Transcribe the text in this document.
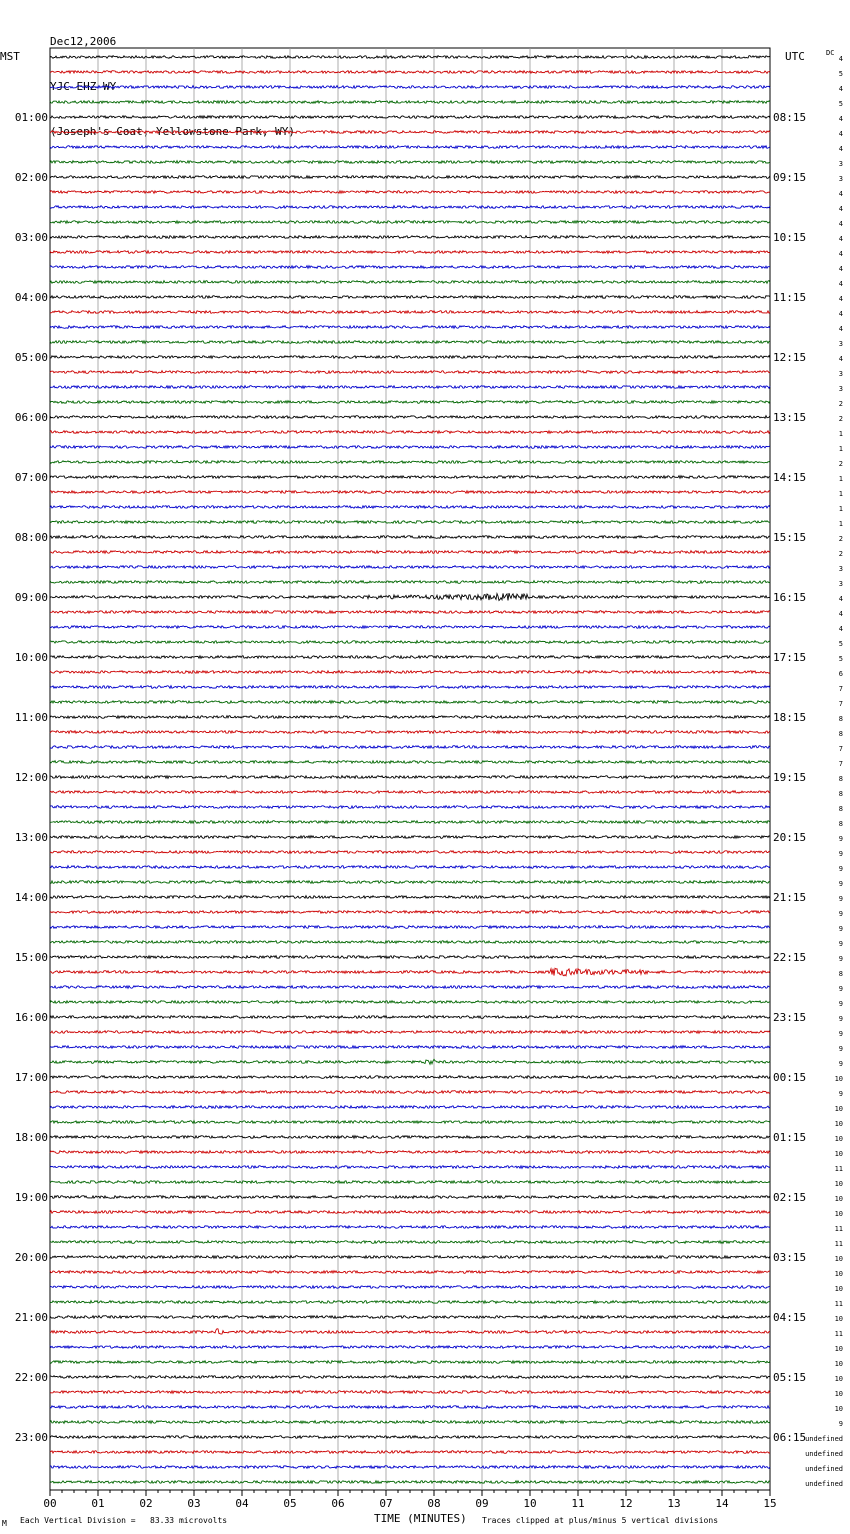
Dec12,2006

YJC EHZ WY

(Joseph's Coat, Yellowstone Park, WY)

MST	UTC	DC
4
5
4
5
4
4
4
3
3
4
4
4
4
4
4
4
4
4
4
3
4
3
3
2
2
1
1
2
1
1
1
1
2
2
3
3
4
4
4
5
5
6
7
7
8
8
7
7
8
8
8
8
9
9
9
9
9
9
9
9
9
8
9
9
9
9
9
9
10
9
10
10
10
10
11
10
10
10
11
11
10
10
10
11
10
11
10
10
10
10
10
9
undefined
undefined
undefined
undefined
01:00
02:00
03:00
04:00
05:00
06:00
07:00
08:00
09:00
10:00
11:00
12:00
13:00
14:00
15:00
16:00
17:00
18:00
19:00
20:00
21:00
22:00
23:00
08:15
09:15
10:15
11:15
12:15
13:15
14:15
15:15
16:15
17:15
18:15
19:15
20:15
21:15
22:15
23:15
00:15
01:15
02:15
03:15
04:15
05:15
06:15
00	01	02	03	04	05	06	07	08	09	10	11	12	13	14	15
TIME (MINUTES)
M Each Vertical Division =   83.33 microvolts	Traces clipped at plus/minus 5 vertical divisions
